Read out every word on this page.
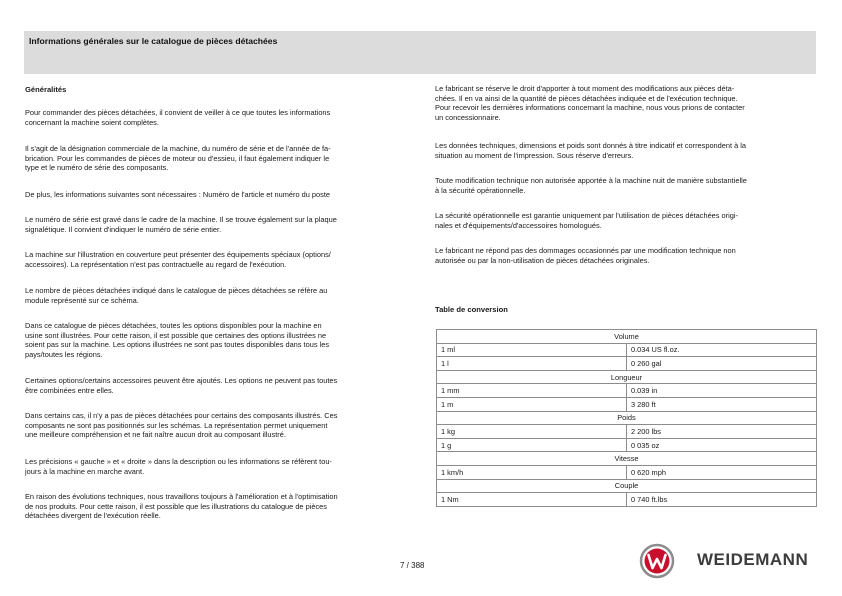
Informations générales sur le catalogue de pièces détachées
Généralités

Pour commander des pièces détachées, il convient de veiller à ce que toutes les informations
concernant la machine soient complètes.

Il s'agit de la désignation commerciale de la machine, du numéro de série et de l'année de fa-
brication. Pour les commandes de pièces de moteur ou d'essieu, il faut également indiquer le
type et le numéro de série des composants.

De plus, les informations suivantes sont nécessaires : Numéro de l'article et numéro du poste

Le numéro de série est gravé dans le cadre de la machine. Il se trouve également sur la plaque
signalétique. Il convient d'indiquer le numéro de série entier.

La machine sur l'illustration en couverture peut présenter des équipements spéciaux (options/
accessoires). La représentation n'est pas contractuelle au regard de l'exécution.

Le nombre de pièces détachées indiqué dans le catalogue de pièces détachées se réfère au
module représenté sur ce schéma.

Dans ce catalogue de pièces détachées, toutes les options disponibles pour la machine en
usine sont illustrées. Pour cette raison, il est possible que certaines des options illustrées ne
soient pas sur la machine. Les options illustrées ne sont pas toutes disponibles dans tous les
pays/toutes les régions.

Certaines options/certains accessoires peuvent être ajoutés. Les options ne peuvent pas toutes
être combinées entre elles.

Dans certains cas, il n'y a pas de pièces détachées pour certains des composants illustrés. Ces
composants ne sont pas positionnés sur les schémas. La représentation permet uniquement
une meilleure compréhension et ne fait naître aucun droit au composant illustré.

Les précisions « gauche » et « droite » dans la description ou les informations se réfèrent tou-
jours à la machine en marche avant.

En raison des évolutions techniques, nous travaillons toujours à l'amélioration et à l'optimisation
de nos produits. Pour cette raison, il est possible que les illustrations du catalogue de pièces
détachées divergent de l'exécution réelle.

Le fabricant se réserve le droit d'apporter à tout moment des modifications aux pièces déta-
chées. Il en va ainsi de la quantité de pièces détachées indiquée et de l'exécution technique.
Pour recevoir les dernières informations concernant la machine, nous vous prions de contacter
un concessionnaire.

Les données techniques, dimensions et poids sont donnés à titre indicatif et correspondent à la
situation au moment de l'impression. Sous réserve d'erreurs.

Toute modification technique non autorisée apportée à la machine nuit de manière substantielle
à la sécurité opérationnelle.

La sécurité opérationnelle est garantie uniquement par l'utilisation de pièces détachées origi-
nales et d'équipements/d'accessoires homologués.

Le fabricant ne répond pas des dommages occasionnés par une modification technique non
autorisée ou par la non-utilisation de pièces détachées originales.

Table de conversion
Volume	
1 ml	0.034 US fl.oz.
1 l	0 260 gal
Longueur	
1 mm	0.039 in
1 m	3 280 ft
Poids	
1 kg	2 200 lbs
1 g	0 035 oz
Vitesse	
1 km/h	0 620 mph
Couple	
1 Nm	0 740 ft.lbs
7 / 388	WEIDEMANN
